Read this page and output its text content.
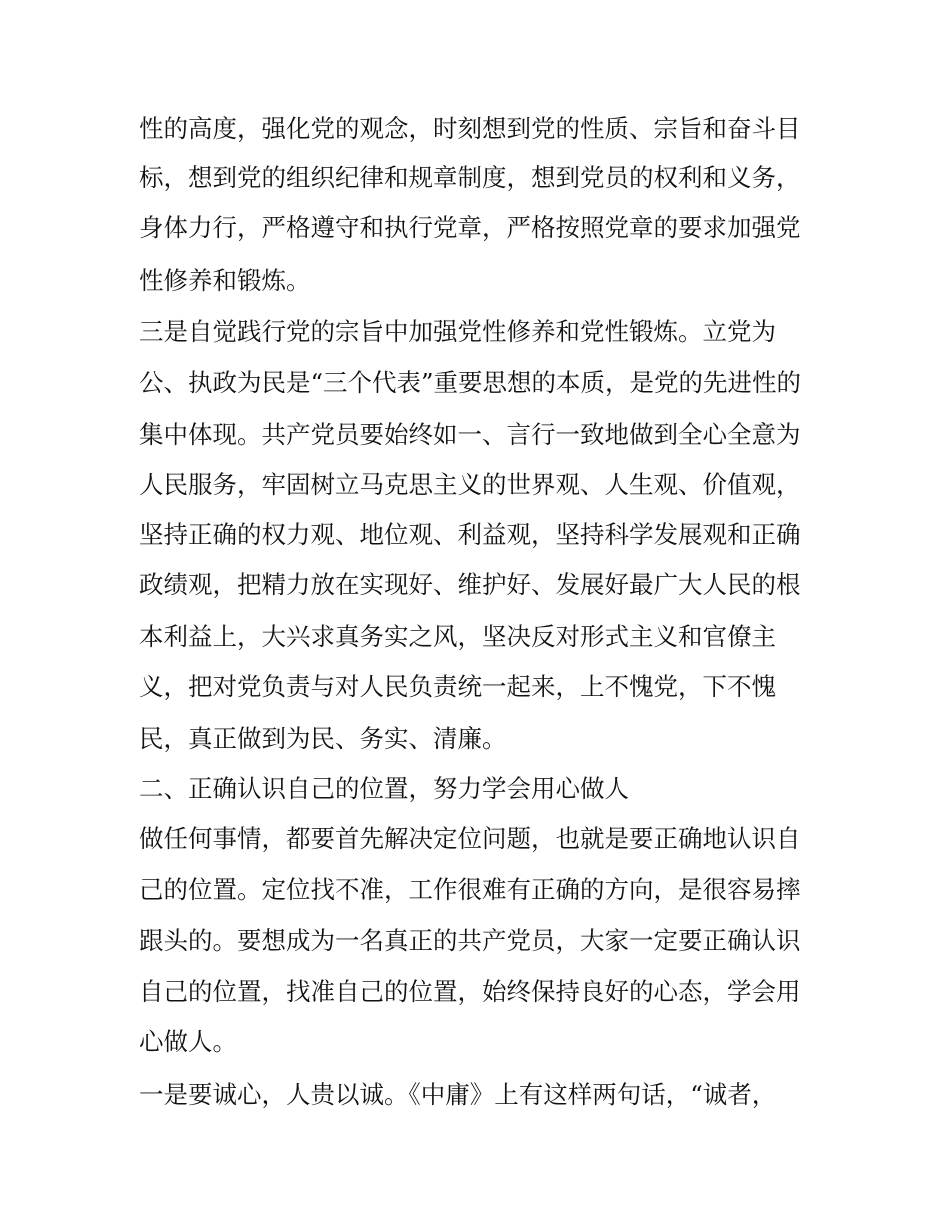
性的高度，强化党的观念，时刻想到党的性质、宗旨和奋斗目
标，想到党的组织纪律和规章制度，想到党员的权利和义务，
身体力行，严格遵守和执行党章，严格按照党章的要求加强党
性修养和锻炼。
三是自觉践行党的宗旨中加强党性修养和党性锻炼。立党为
公、执政为民是“三个代表”重要思想的本质，是党的先进性的
集中体现。共产党员要始终如一、言行一致地做到全心全意为
人民服务，牢固树立马克思主义的世界观、人生观、价值观，
坚持正确的权力观、地位观、利益观，坚持科学发展观和正确
政绩观，把精力放在实现好、维护好、发展好最广大人民的根
本利益上，大兴求真务实之风，坚决反对形式主义和官僚主
义，把对党负责与对人民负责统一起来，上不愧党，下不愧
民，真正做到为民、务实、清廉。
二、正确认识自己的位置，努力学会用心做人
做任何事情，都要首先解决定位问题，也就是要正确地认识自
己的位置。定位找不准，工作很难有正确的方向，是很容易摔
跟头的。要想成为一名真正的共产党员，大家一定要正确认识
自己的位置，找准自己的位置，始终保持良好的心态，学会用
心做人。
一是要诚心，人贵以诚。《中庸》上有这样两句话，“诚者，
